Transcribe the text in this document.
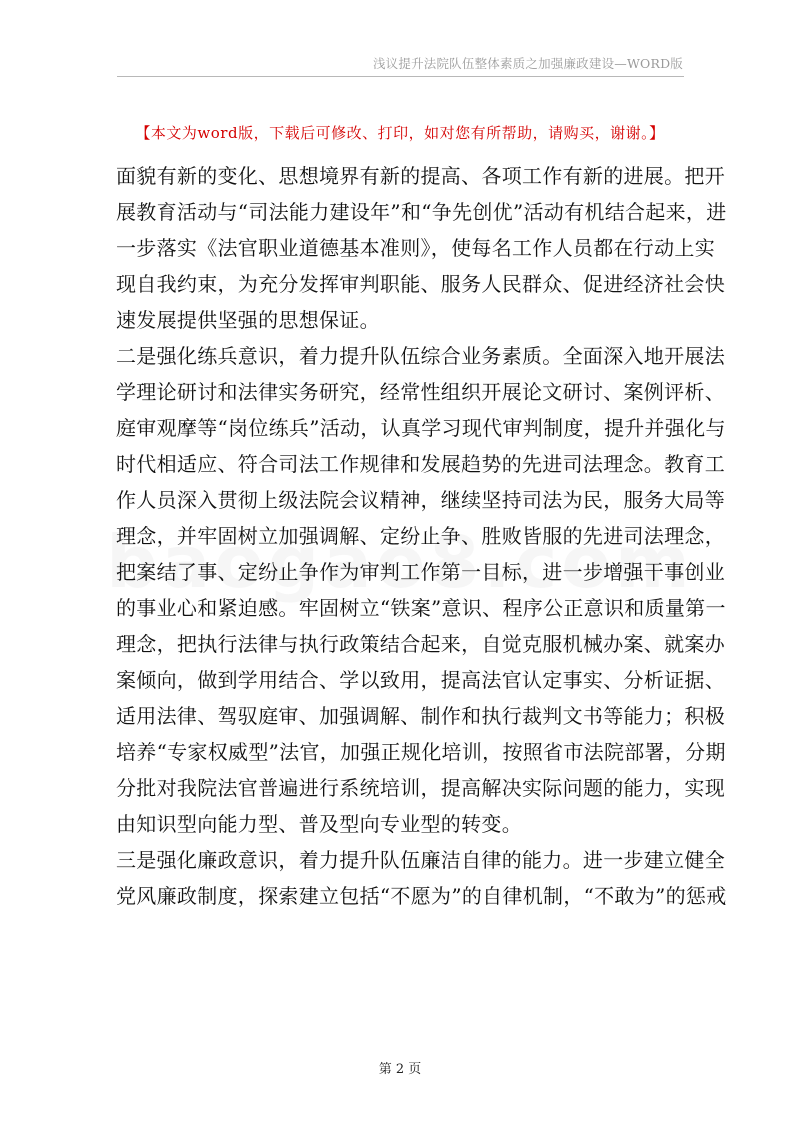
浅议提升法院队伍整体素质之加强廉政建设—WORD版
【本文为word版，下载后可修改、打印，如对您有所帮助，请购买，谢谢。】
面貌有新的变化、思想境界有新的提高、各项工作有新的进展。把开
展教育活动与“司法能力建设年”和“争先创优”活动有机结合起来，进
一步落实《法官职业道德基本准则》，使每名工作人员都在行动上实
现自我约束，为充分发挥审判职能、服务人民群众、促进经济社会快
速发展提供坚强的思想保证。
二是强化练兵意识，着力提升队伍综合业务素质。全面深入地开展法
学理论研讨和法律实务研究，经常性组织开展论文研讨、案例评析、
庭审观摩等“岗位练兵”活动，认真学习现代审判制度，提升并强化与
时代相适应、符合司法工作规律和发展趋势的先进司法理念。教育工
作人员深入贯彻上级法院会议精神，继续坚持司法为民，服务大局等
理念，并牢固树立加强调解、定纷止争、胜败皆服的先进司法理念，
把案结了事、定纷止争作为审判工作第一目标，进一步增强干事创业
的事业心和紧迫感。牢固树立“铁案”意识、程序公正意识和质量第一
理念，把执行法律与执行政策结合起来，自觉克服机械办案、就案办
案倾向，做到学用结合、学以致用，提高法官认定事实、分析证据、
适用法律、驾驭庭审、加强调解、制作和执行裁判文书等能力；积极
培养“专家权威型”法官，加强正规化培训，按照省市法院部署，分期
分批对我院法官普遍进行系统培训，提高解决实际问题的能力，实现
由知识型向能力型、普及型向专业型的转变。
三是强化廉政意识，着力提升队伍廉洁自律的能力。进一步建立健全
党风廉政制度，探索建立包括“不愿为”的自律机制，“不敢为”的惩戒
第 2 页
